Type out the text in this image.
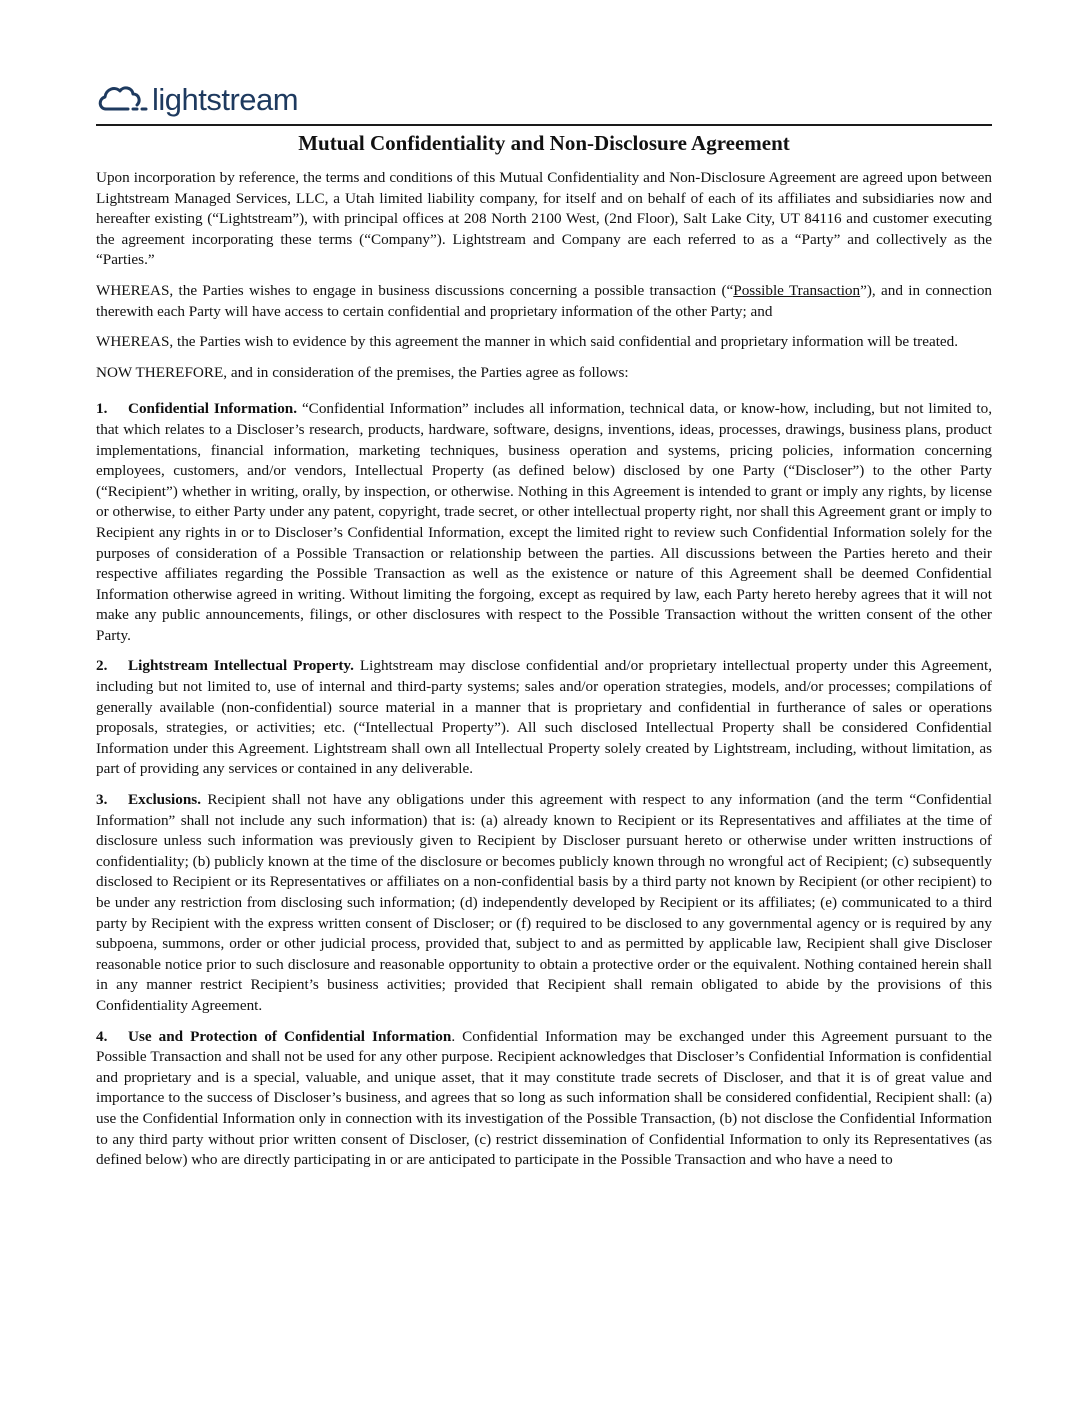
lightstream
Mutual Confidentiality and Non-Disclosure Agreement

Upon incorporation by reference, the terms and conditions of this Mutual Confidentiality and Non-Disclosure Agreement are agreed upon between Lightstream Managed Services, LLC, a Utah limited liability company, for itself and on behalf of each of its affiliates and subsidiaries now and hereafter existing (“Lightstream”), with principal offices at 208 North 2100 West, (2nd Floor), Salt Lake City, UT 84116 and customer executing the agreement incorporating these terms (“Company”). Lightstream and Company are each referred to as a “Party” and collectively as the “Parties.”

WHEREAS, the Parties wishes to engage in business discussions concerning a possible transaction (“Possible Transaction”), and in connection therewith each Party will have access to certain confidential and proprietary information of the other Party; and

WHEREAS, the Parties wish to evidence by this agreement the manner in which said confidential and proprietary information will be treated.

NOW THEREFORE, and in consideration of the premises, the Parties agree as follows:

1. Confidential Information. “Confidential Information” includes all information, technical data, or know-how, including, but not limited to, that which relates to a Discloser’s research, products, hardware, software, designs, inventions, ideas, processes, drawings, business plans, product implementations, financial information, marketing techniques, business operation and systems, pricing policies, information concerning employees, customers, and/or vendors, Intellectual Property (as defined below) disclosed by one Party (“Discloser”) to the other Party (“Recipient”) whether in writing, orally, by inspection, or otherwise. Nothing in this Agreement is intended to grant or imply any rights, by license or otherwise, to either Party under any patent, copyright, trade secret, or other intellectual property right, nor shall this Agreement grant or imply to Recipient any rights in or to Discloser’s Confidential Information, except the limited right to review such Confidential Information solely for the purposes of consideration of a Possible Transaction or relationship between the parties. All discussions between the Parties hereto and their respective affiliates regarding the Possible Transaction as well as the existence or nature of this Agreement shall be deemed Confidential Information otherwise agreed in writing. Without limiting the forgoing, except as required by law, each Party hereto hereby agrees that it will not make any public announcements, filings, or other disclosures with respect to the Possible Transaction without the written consent of the other Party.

2. Lightstream Intellectual Property. Lightstream may disclose confidential and/or proprietary intellectual property under this Agreement, including but not limited to, use of internal and third-party systems; sales and/or operation strategies, models, and/or processes; compilations of generally available (non-confidential) source material in a manner that is proprietary and confidential in furtherance of sales or operations proposals, strategies, or activities; etc. (“Intellectual Property”). All such disclosed Intellectual Property shall be considered Confidential Information under this Agreement. Lightstream shall own all Intellectual Property solely created by Lightstream, including, without limitation, as part of providing any services or contained in any deliverable.

3. Exclusions. Recipient shall not have any obligations under this agreement with respect to any information (and the term “Confidential Information” shall not include any such information) that is: (a) already known to Recipient or its Representatives and affiliates at the time of disclosure unless such information was previously given to Recipient by Discloser pursuant hereto or otherwise under written instructions of confidentiality; (b) publicly known at the time of the disclosure or becomes publicly known through no wrongful act of Recipient; (c) subsequently disclosed to Recipient or its Representatives or affiliates on a non-confidential basis by a third party not known by Recipient (or other recipient) to be under any restriction from disclosing such information; (d) independently developed by Recipient or its affiliates; (e) communicated to a third party by Recipient with the express written consent of Discloser; or (f) required to be disclosed to any governmental agency or is required by any subpoena, summons, order or other judicial process, provided that, subject to and as permitted by applicable law, Recipient shall give Discloser reasonable notice prior to such disclosure and reasonable opportunity to obtain a protective order or the equivalent. Nothing contained herein shall in any manner restrict Recipient’s business activities; provided that Recipient shall remain obligated to abide by the provisions of this Confidentiality Agreement.

4. Use and Protection of Confidential Information. Confidential Information may be exchanged under this Agreement pursuant to the Possible Transaction and shall not be used for any other purpose. Recipient acknowledges that Discloser’s Confidential Information is confidential and proprietary and is a special, valuable, and unique asset, that it may constitute trade secrets of Discloser, and that it is of great value and importance to the success of Discloser’s business, and agrees that so long as such information shall be considered confidential, Recipient shall: (a) use the Confidential Information only in connection with its investigation of the Possible Transaction, (b) not disclose the Confidential Information to any third party without prior written consent of Discloser, (c) restrict dissemination of Confidential Information to only its Representatives (as defined below) who are directly participating in or are anticipated to participate in the Possible Transaction and who have a need to
